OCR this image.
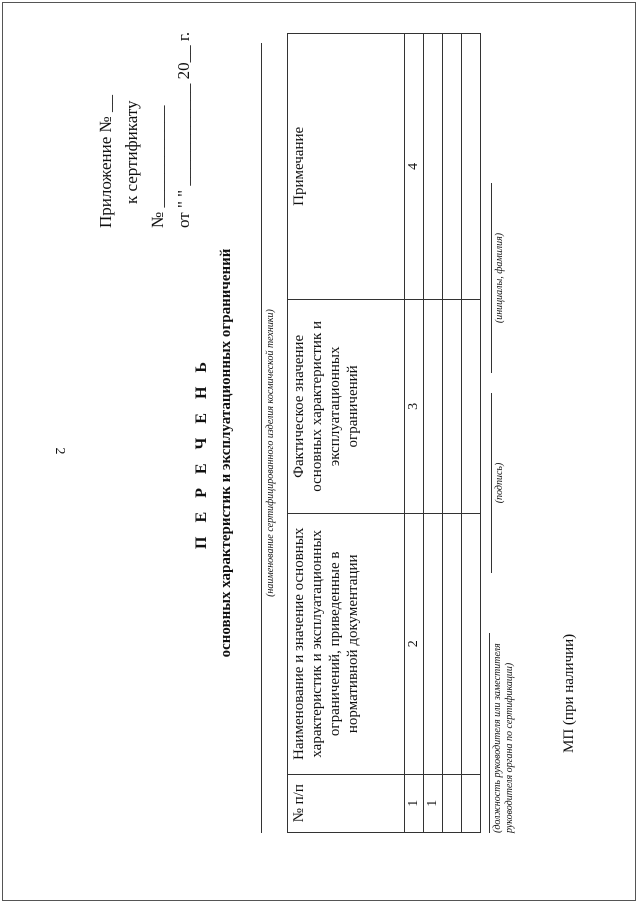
2
Приложение № __ к сертификату № ____________ от " " ____________ 20__ г.
П Е Р Е Ч Е Н Ь основных характеристик и эксплуатационных ограничений	(наименование сертифицированного изделия космической техники)
№ п/п	Наименование и значение основных характеристик и эксплуатационных ограничений, приведенные в нормативной документации	Фактическое значение основных характеристик и эксплуатационных ограничений	Примечание
1	2	3	4
1			

				(должность руководителя или заместителя руководителя органа по сертификации)
(подпись)
(инициалы, фамилия)
МП (при наличии)
